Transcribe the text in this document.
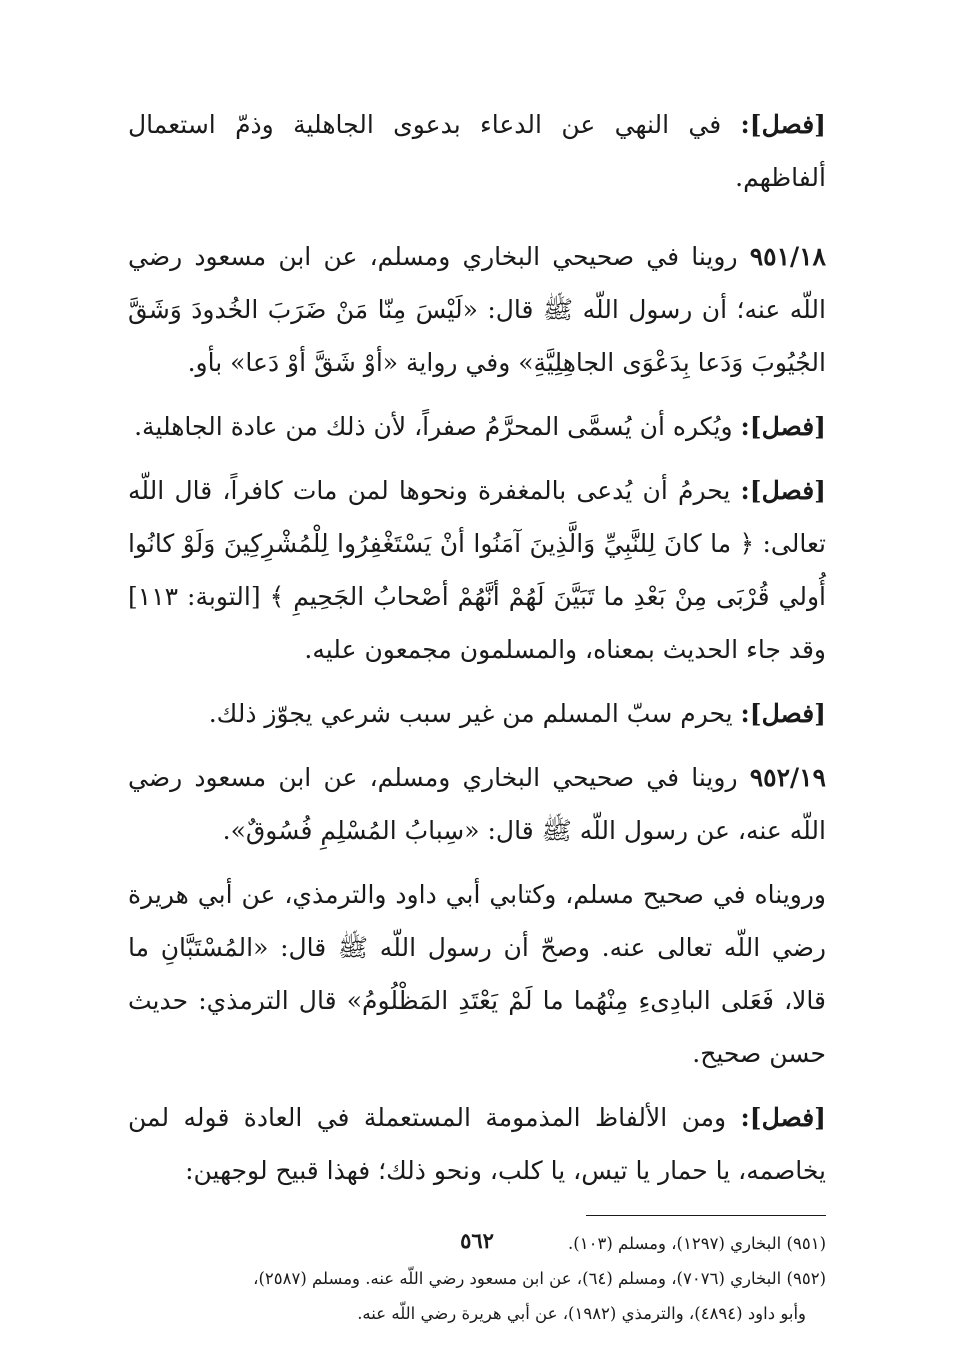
[فصل]: في النهي عن الدعاء بدعوى الجاهلية وذمّ استعمال ألفاظهم.

٩٥١/١٨ روينا في صحيحي البخاري ومسلم، عن ابن مسعود رضي اللّه عنه؛ أن رسول اللّه ﷺ قال: «لَيْسَ مِنّا مَنْ ضَرَبَ الخُدودَ وَشَقَّ الجُيُوبَ وَدَعا بِدَعْوَى الجاهِلِيَّةِ» وفي رواية «أوْ شَقَّ أوْ دَعا» بأو.

[فصل]: ويُكره أن يُسمَّى المحرَّمُ صفراً، لأن ذلك من عادة الجاهلية.

[فصل]: يحرمُ أن يُدعى بالمغفرة ونحوها لمن مات كافراً، قال اللّه تعالى: ﴿ ما كانَ لِلنَّبِيِّ وَالَّذِينَ آمَنُوا أنْ يَسْتَغْفِرُوا لِلْمُشْرِكِينَ وَلَوْ كانُوا أُولي قُرْبَى مِنْ بَعْدِ ما تَبَيَّنَ لَهُمْ أنَّهُمْ أصْحابُ الجَحِيمِ ﴾ [التوبة: ١١٣] وقد جاء الحديث بمعناه، والمسلمون مجمعون عليه.

[فصل]: يحرم سبّ المسلم من غير سبب شرعي يجوّز ذلك.

٩٥٢/١٩ روينا في صحيحي البخاري ومسلم، عن ابن مسعود رضي اللّه عنه، عن رسول اللّه ﷺ قال: «سِبابُ المُسْلِمِ فُسُوقٌ».

ورويناه في صحيح مسلم، وكتابي أبي داود والترمذي، عن أبي هريرة رضي اللّه تعالى عنه. وصحّ أن رسول اللّه ﷺ قال: «المُسْتَبَّانِ ما قالا، فَعَلى البادِىءِ مِنْهُما ما لَمْ يَعْتَدِ المَظْلُومُ» قال الترمذي: حديث حسن صحيح.

[فصل]: ومن الألفاظ المذمومة المستعملة في العادة قوله لمن يخاصمه، يا حمار يا تيس، يا كلب، ونحو ذلك؛ فهذا قبيح لوجهين:

(٩٥١) البخاري (١٢٩٧)، ومسلم (١٠٣).

(٩٥٢) البخاري (٧٠٧٦)، ومسلم (٦٤)، عن ابن مسعود رضي اللّه عنه. ومسلم (٢٥٨٧)،

وأبو داود (٤٨٩٤)، والترمذي (١٩٨٢)، عن أبي هريرة رضي اللّه عنه.

٥٦٢
